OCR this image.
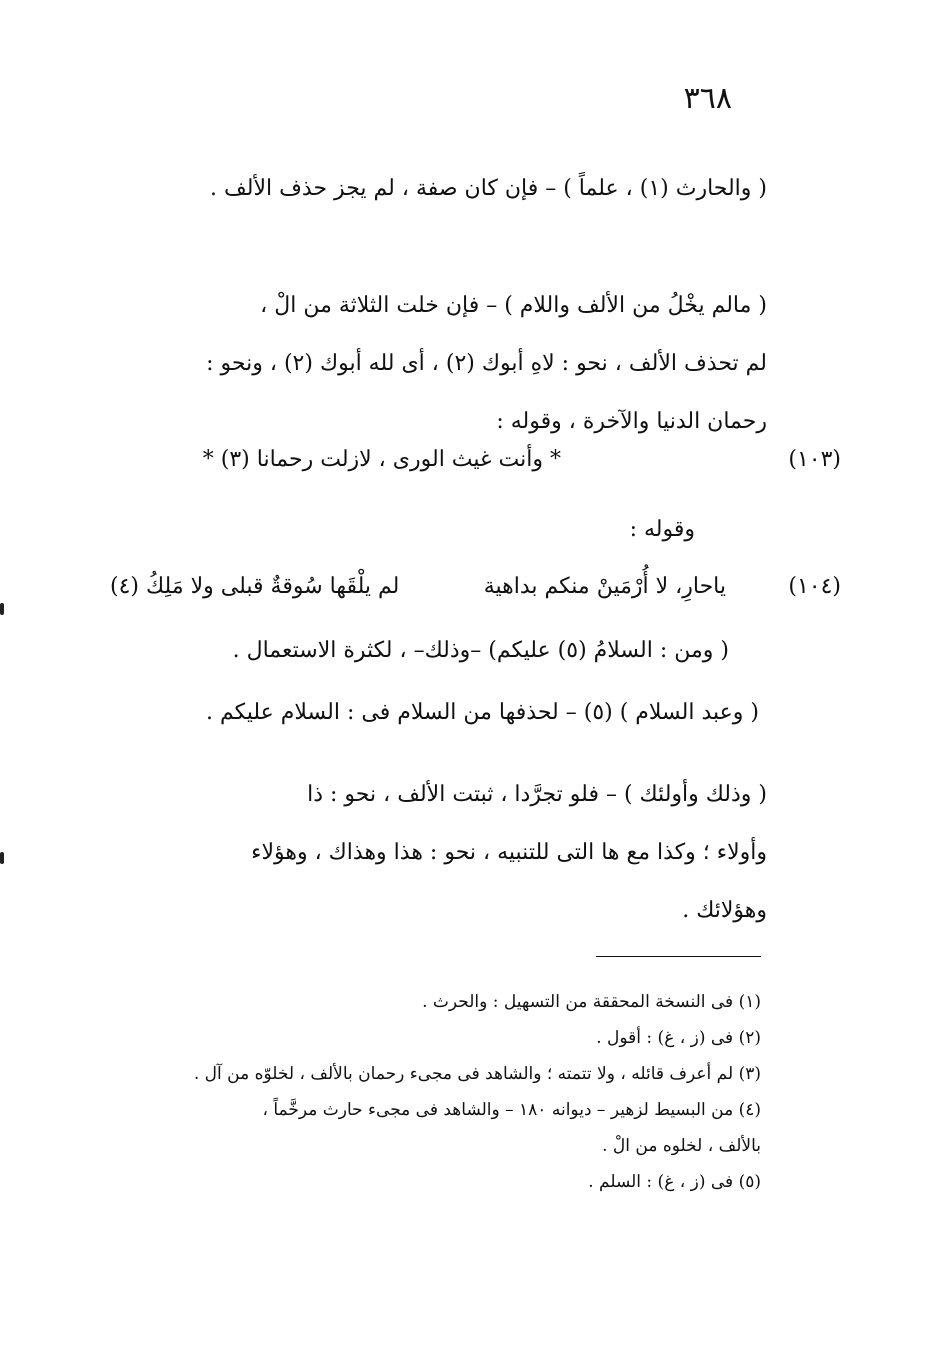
٣٦٨

( والحارث (١) ، علماً ) – فإن كان صفة ، لم يجز حذف الألف .

( مالم يخْلُ من الألف واللام ) – فإن خلت الثلاثة من الْ ،

لم تحذف الألف ، نحو : لاهِ أبوك (٢) ، أى لله أبوك (٢) ، ونحو :

رحمان الدنيا والآخرة ، وقوله :

(١٠٣)
* وأنت غيث الورى ، لازلت رحمانا (٣) *
وقوله :
(١٠٤)
ياحارِ، لا أُرْمَينْ منكم بداهية
لم يلْقَها سُوقةٌ قبلى ولا مَلِكُ (٤)
( ومن : السلامُ (٥) عليكم) –وذلك– ، لكثرة الاستعمال .
( وعبد السلام ) (٥) – لحذفها من السلام فى : السلام عليكم .

( وذلك وأولئك ) – فلو تجرَّدا ، ثبتت الألف ، نحو : ذا

وأولاء ؛ وكذا مع ها التى للتنبيه ، نحو : هذا وهذاك ، وهؤلاء

وهؤلائك .

(١) فى النسخة المحققة من التسهيل : والحرث .

(٢) فى (ز ، غ) : أقول .

(٣) لم أعرف قائله ، ولا تتمته ؛ والشاهد فى مجىء رحمان بالألف ، لخلوّه من آل .

(٤) من البسيط لزهير – ديوانه ١٨٠ – والشاهد فى مجىء حارث مرخَّماً ،

بالألف ، لخلوه من الْ .

(٥) فى (ز ، غ) : السلم .
